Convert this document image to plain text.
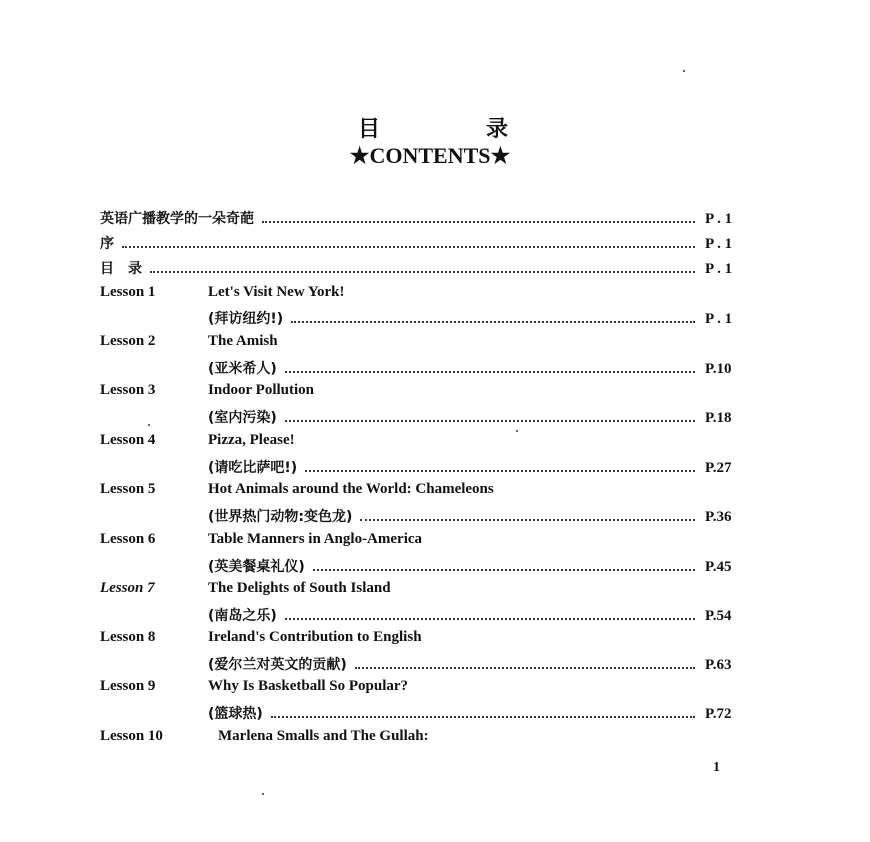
目	录
★CONTENTS★
英语广播教学的一朵奇葩	P . 1
序	P . 1
目　录	P . 1
Lesson 1	Let's Visit New York!
(拜访纽约!)	P . 1
Lesson 2	The Amish
(亚米希人)	P.10
Lesson 3	Indoor Pollution
(室内污染)	P.18
Lesson 4	Pizza, Please!
(请吃比萨吧!)	P.27
Lesson 5	Hot Animals around the World: Chameleons
(世界热门动物:变色龙)	P.36
Lesson 6	Table Manners in Anglo-America
(英美餐桌礼仪)	P.45
Lesson 7	The Delights of South Island
(南岛之乐)	P.54
Lesson 8	Ireland's Contribution to English
(爱尔兰对英文的贡献)	P.63
Lesson 9	Why Is Basketball So Popular?
(篮球热)	P.72
Lesson 10	Marlena Smalls and The Gullah:
1
